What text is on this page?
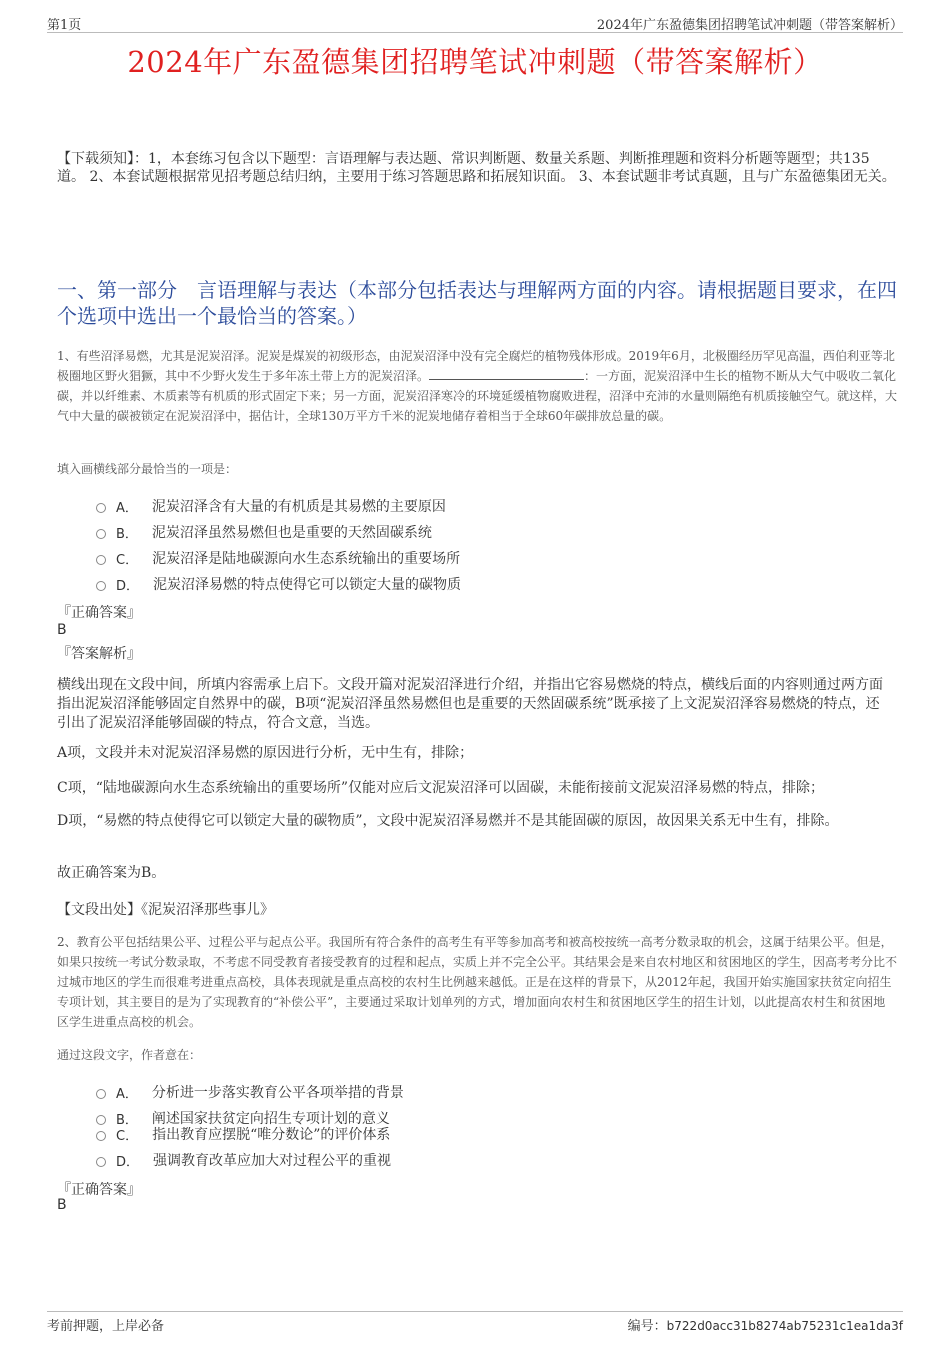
第1页	2024年广东盈德集团招聘笔试冲刺题（带答案解析）
2024年广东盈德集团招聘笔试冲刺题（带答案解析）
【下载须知】：1，本套练习包含以下题型：言语理解与表达题、常识判断题、数量关系题、判断推理题和资料分析题等题型；共135道。 2、本套试题根据常见招考题总结归纳，主要用于练习答题思路和拓展知识面。 3、本套试题非考试真题，且与广东盈德集团无关。
一、第一部分　言语理解与表达（本部分包括表达与理解两方面的内容。请根据题目要求，在四个选项中选出一个最恰当的答案。）
1、有些沼泽易燃，尤其是泥炭沼泽。泥炭是煤炭的初级形态，由泥炭沼泽中没有完全腐烂的植物残体形成。2019年6月，北极圈经历罕见高温，西伯利亚等北极圈地区野火猖獗，其中不少野火发生于多年冻土带上方的泥炭沼泽。	：一方面，泥炭沼泽中生长的植物不断从大气中吸收二氧化碳，并以纤维素、木质素等有机质的形式固定下来；另一方面，泥炭沼泽寒冷的环境延缓植物腐败进程，沼泽中充沛的水量则隔绝有机质接触空气。就这样，大气中大量的碳被锁定在泥炭沼泽中，据估计，全球130万平方千米的泥炭地储存着相当于全球60年碳排放总量的碳。
填入画横线部分最恰当的一项是：
A． 泥炭沼泽含有大量的有机质是其易燃的主要原因
B． 泥炭沼泽虽然易燃但也是重要的天然固碳系统
C． 泥炭沼泽是陆地碳源向水生态系统输出的重要场所
D． 泥炭沼泽易燃的特点使得它可以锁定大量的碳物质
『正确答案』
B
『答案解析』
横线出现在文段中间，所填内容需承上启下。文段开篇对泥炭沼泽进行介绍，并指出它容易燃烧的特点，横线后面的内容则通过两方面指出泥炭沼泽能够固定自然界中的碳，B项“泥炭沼泽虽然易燃但也是重要的天然固碳系统”既承接了上文泥炭沼泽容易燃烧的特点，还引出了泥炭沼泽能够固碳的特点，符合文意，当选。
A项，文段并未对泥炭沼泽易燃的原因进行分析，无中生有，排除；
C项，“陆地碳源向水生态系统输出的重要场所”仅能对应后文泥炭沼泽可以固碳，未能衔接前文泥炭沼泽易燃的特点，排除；
D项，“易燃的特点使得它可以锁定大量的碳物质”，文段中泥炭沼泽易燃并不是其能固碳的原因，故因果关系无中生有，排除。
故正确答案为B。
【文段出处】《泥炭沼泽那些事儿》
2、教育公平包括结果公平、过程公平与起点公平。我国所有符合条件的高考生有平等参加高考和被高校按统一高考分数录取的机会，这属于结果公平。但是，如果只按统一考试分数录取，不考虑不同受教育者接受教育的过程和起点，实质上并不完全公平。其结果会是来自农村地区和贫困地区的学生，因高考考分比不过城市地区的学生而很难考进重点高校，具体表现就是重点高校的农村生比例越来越低。正是在这样的背景下，从2012年起，我国开始实施国家扶贫定向招生专项计划，其主要目的是为了实现教育的“补偿公平”，主要通过采取计划单列的方式，增加面向农村生和贫困地区学生的招生计划，以此提高农村生和贫困地区学生进重点高校的机会。
通过这段文字，作者意在：
A． 分析进一步落实教育公平各项举措的背景
B． 阐述国家扶贫定向招生专项计划的意义
C． 指出教育应摆脱“唯分数论”的评价体系
D． 强调教育改革应加大对过程公平的重视
『正确答案』
B
考前押题，上岸必备	编号：b722d0acc31b8274ab75231c1ea1da3f
